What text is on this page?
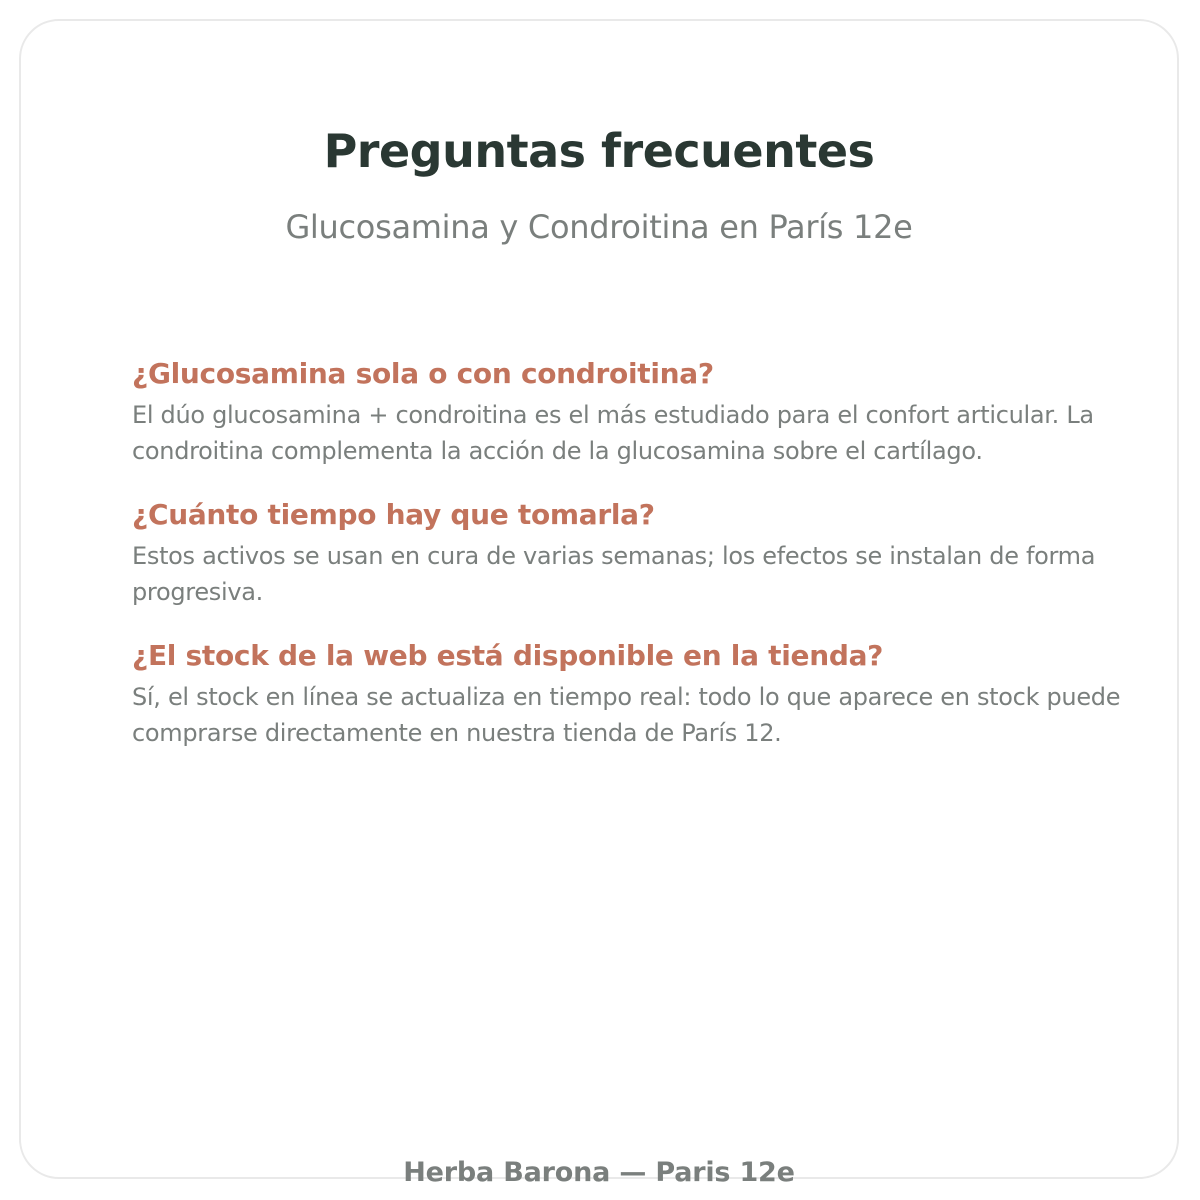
Preguntas frecuentes
Glucosamina y Condroitina en París 12e
¿Glucosamina sola o con condroitina?

El dúo glucosamina + condroitina es el más estudiado para el confort articular. La condroitina complementa la acción de la glucosamina sobre el cartílago.

¿Cuánto tiempo hay que tomarla?

Estos activos se usan en cura de varias semanas; los efectos se instalan de forma progresiva.

¿El stock de la web está disponible en la tienda?

Sí, el stock en línea se actualiza en tiempo real: todo lo que aparece en stock puede comprarse directamente en nuestra tienda de París 12.

Herba Barona — Paris 12e
